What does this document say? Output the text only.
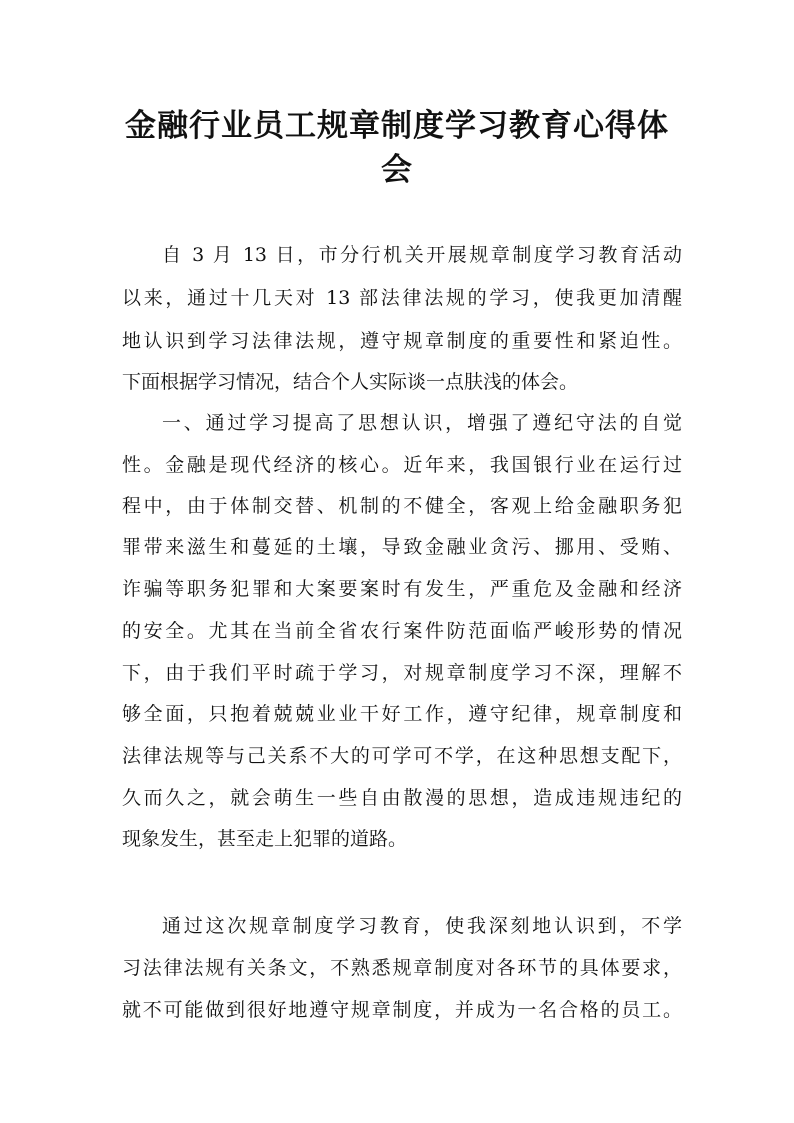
金融行业员工规章制度学习教育心得体
会

自 3 月 13 日，市分行机关开展规章制度学习教育活动

以来，通过十几天对 13 部法律法规的学习，使我更加清醒

地认识到学习法律法规，遵守规章制度的重要性和紧迫性。

下面根据学习情况，结合个人实际谈一点肤浅的体会。

一、通过学习提高了思想认识，增强了遵纪守法的自觉

性。金融是现代经济的核心。近年来，我国银行业在运行过

程中，由于体制交替、机制的不健全，客观上给金融职务犯

罪带来滋生和蔓延的土壤，导致金融业贪污、挪用、受贿、

诈骗等职务犯罪和大案要案时有发生，严重危及金融和经济

的安全。尤其在当前全省农行案件防范面临严峻形势的情况

下，由于我们平时疏于学习，对规章制度学习不深，理解不

够全面，只抱着兢兢业业干好工作，遵守纪律，规章制度和

法律法规等与己关系不大的可学可不学，在这种思想支配下，

久而久之，就会萌生一些自由散漫的思想，造成违规违纪的

现象发生，甚至走上犯罪的道路。

通过这次规章制度学习教育，使我深刻地认识到，不学

习法律法规有关条文，不熟悉规章制度对各环节的具体要求，

就不可能做到很好地遵守规章制度，并成为一名合格的员工。
